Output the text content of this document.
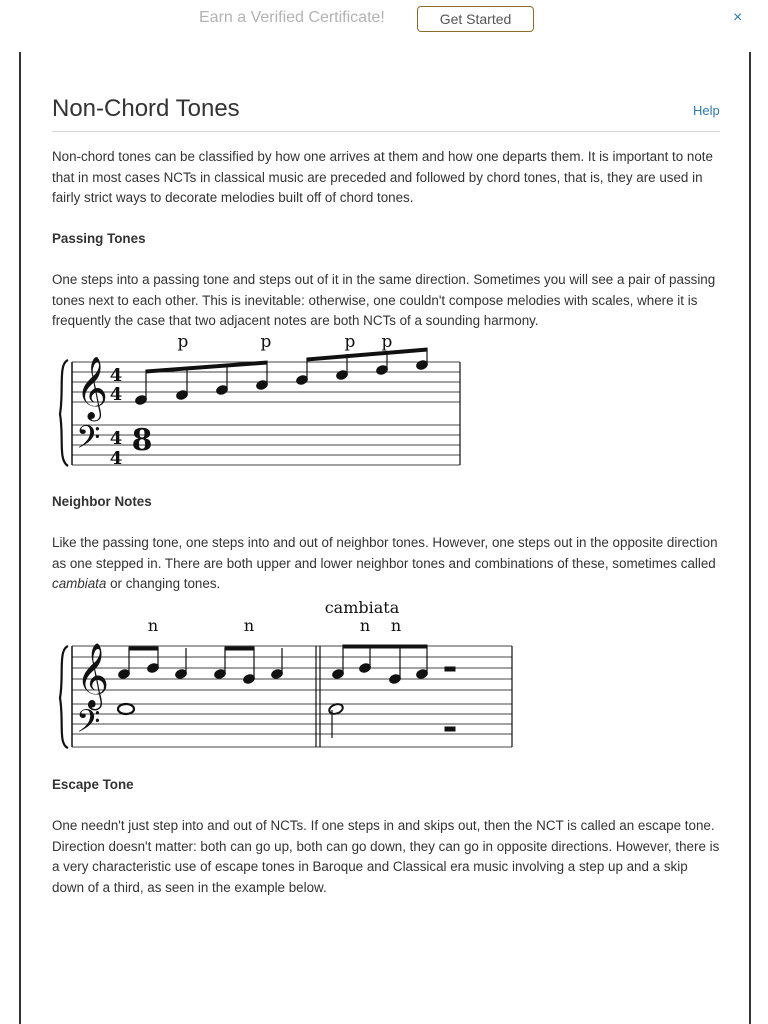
Earn a Verified Certificate!	Get Started	×
Non-Chord Tones	Help

Non-chord tones can be classified by how one arrives at them and how one departs them. It is important to note that in most cases NCTs in classical music are preceded and followed by chord tones, that is, they are used in fairly strict ways to decorate melodies built off of chord tones.

Passing Tones

One steps into a passing tone and steps out of it in the same direction. Sometimes you will see a pair of passing tones next to each other. This is inevitable: otherwise, one couldn't compose melodies with scales, where it is frequently the case that two adjacent notes are both NCTs of a sounding harmony.

p	p	p p
𝄞
𝄢
4
4
4
4
8
Neighbor Notes

Like the passing tone, one steps into and out of neighbor tones. However, one steps out in the opposite direction as one stepped in. There are both upper and lower neighbor tones and combinations of these, sometimes called cambiata or changing tones.

cambiata
n	n	n n
𝄞
𝄢
Escape Tone

One needn't just step into and out of NCTs. If one steps in and skips out, then the NCT is called an escape tone. Direction doesn't matter: both can go up, both can go down, they can go in opposite directions. However, there is a very characteristic use of escape tones in Baroque and Classical era music involving a step up and a skip down of a third, as seen in the example below.
